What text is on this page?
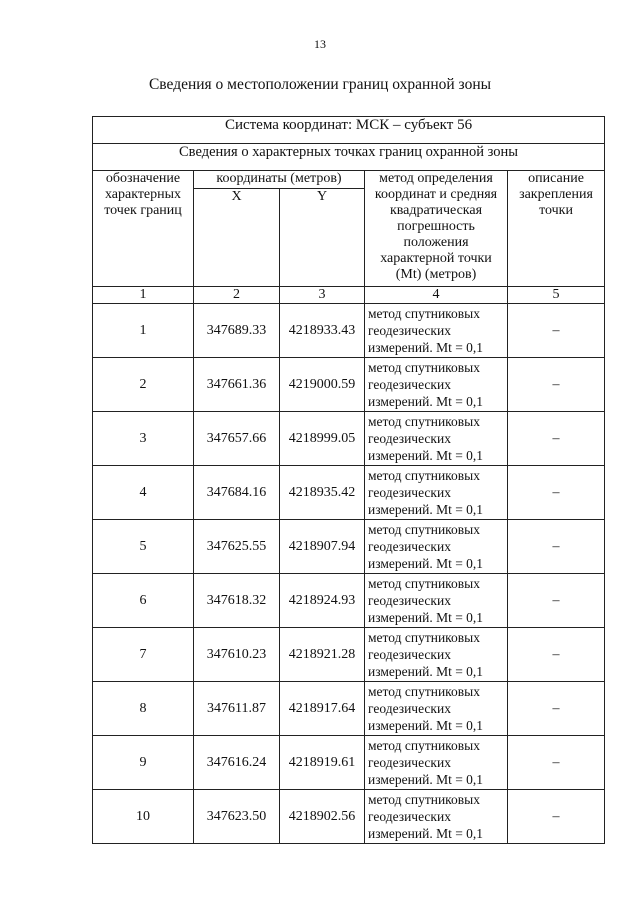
13
Сведения о местоположении границ охранной зоны
Система координат: МСК – субъект 56				
Сведения о характерных точках границ охранной зоны				
обозначение характерных точек границ	координаты (метров)		метод определения координат и средняя квадратическая погрешность положения характерной точки (Mt) (метров)	описание закрепления точки
	X	Y		
1	2	3	4	5
1	347689.33	4218933.43	метод спутниковых геодезических измерений. Mt = 0,1	–
2	347661.36	4219000.59	метод спутниковых геодезических измерений. Mt = 0,1	–
3	347657.66	4218999.05	метод спутниковых геодезических измерений. Mt = 0,1	–
4	347684.16	4218935.42	метод спутниковых геодезических измерений. Mt = 0,1	–
5	347625.55	4218907.94	метод спутниковых геодезических измерений. Mt = 0,1	–
6	347618.32	4218924.93	метод спутниковых геодезических измерений. Mt = 0,1	–
7	347610.23	4218921.28	метод спутниковых геодезических измерений. Mt = 0,1	–
8	347611.87	4218917.64	метод спутниковых геодезических измерений. Mt = 0,1	–
9	347616.24	4218919.61	метод спутниковых геодезических измерений. Mt = 0,1	–
10	347623.50	4218902.56	метод спутниковых геодезических измерений. Mt = 0,1	–
